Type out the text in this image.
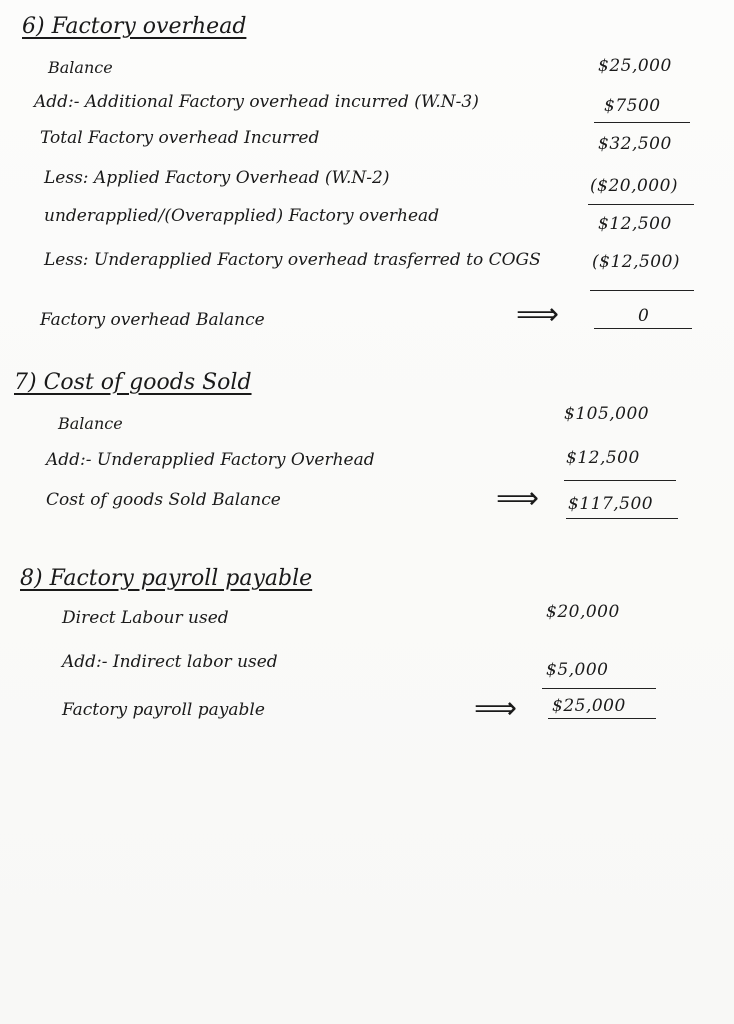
6) Factory overhead
Balance	$25,000
Add:- Additional Factory overhead incurred (W.N-3)	$7500
Total Factory overhead Incurred	$32,500
Less: Applied Factory Overhead (W.N-2)	($20,000)
underapplied/(Overapplied) Factory overhead	$12,500
Less: Underapplied Factory overhead trasferred to COGS	($12,500)
Factory overhead Balance	⟹	0
7) Cost of goods Sold
Balance	$105,000
Add:- Underapplied Factory Overhead	$12,500
Cost of goods Sold Balance	⟹ $117,500
8) Factory payroll payable
Direct Labour used	$20,000
Add:- Indirect labor used	$5,000
Factory payroll payable	⟹ $25,000
